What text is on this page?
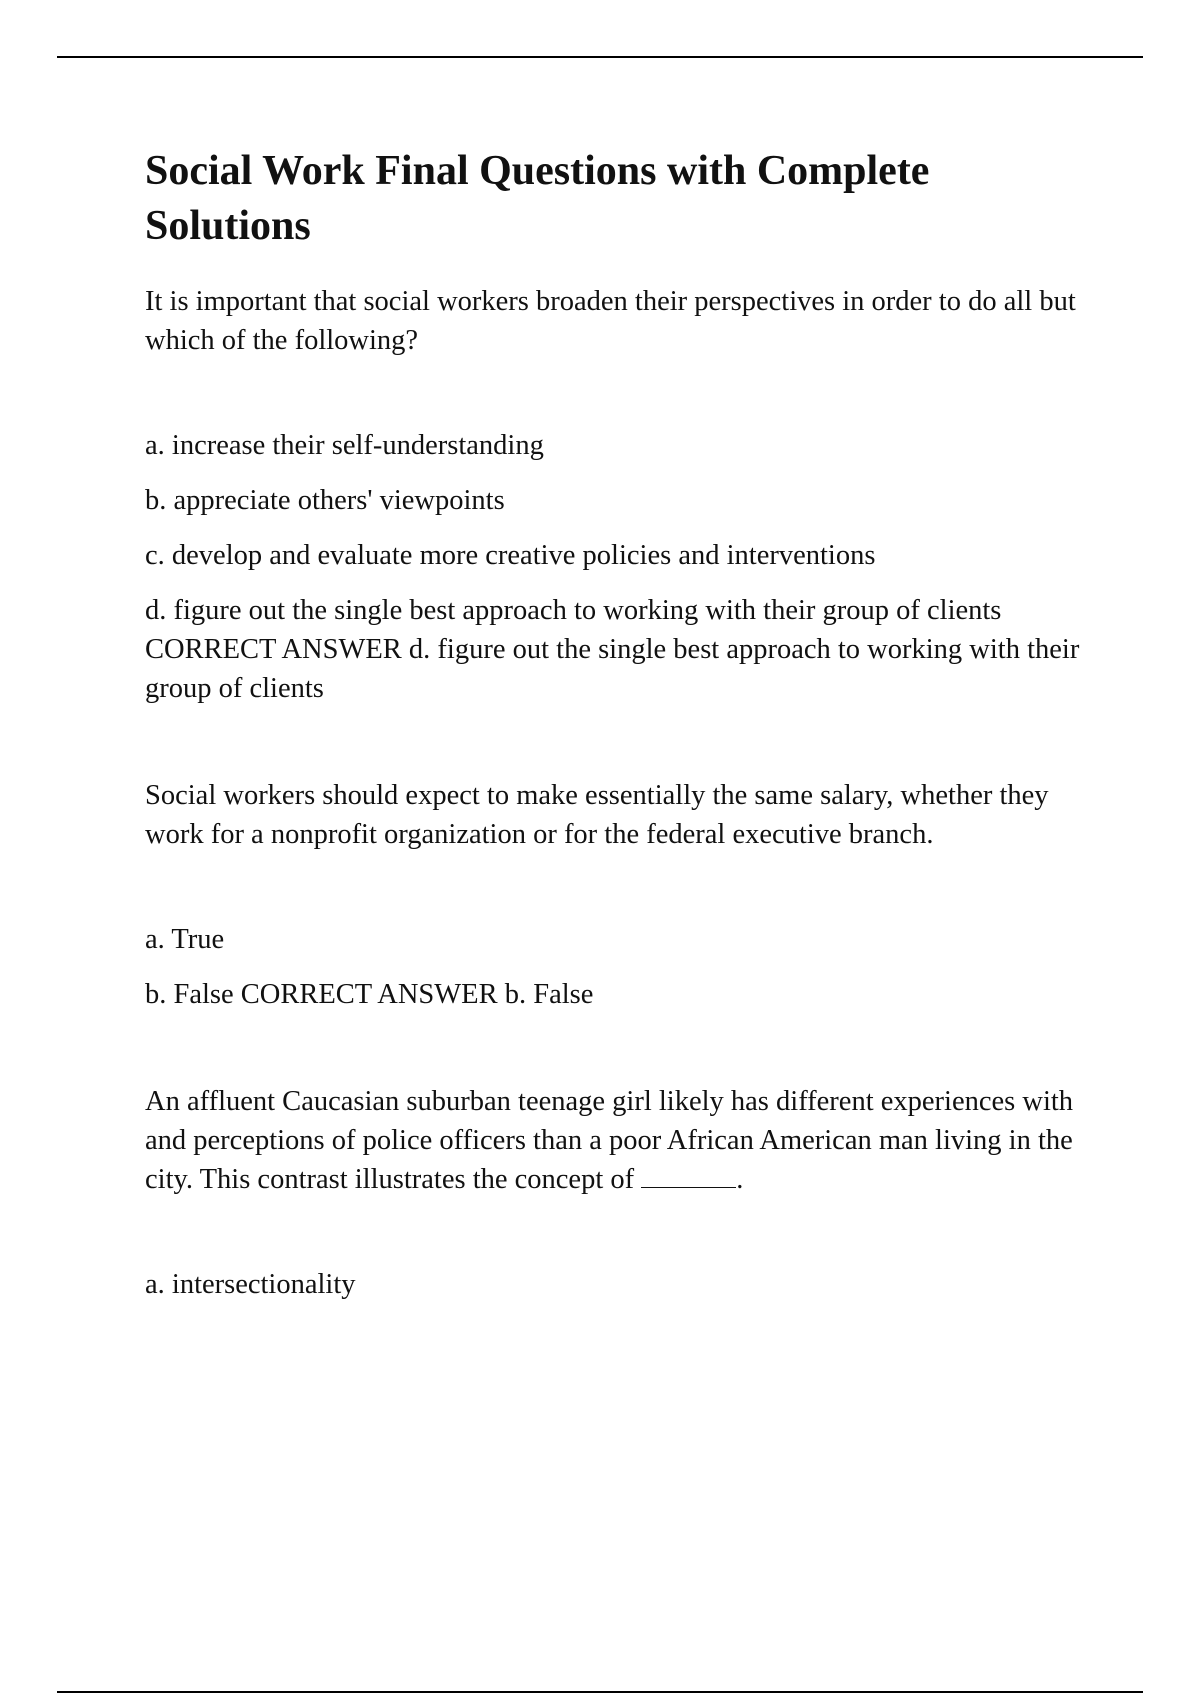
Social Work Final Questions with Complete Solutions

It is important that social workers broaden their perspectives in order to do all but which of the following?

a. increase their self-understanding

b. appreciate others' viewpoints

c. develop and evaluate more creative policies and interventions

d. figure out the single best approach to working with their group of clients CORRECT ANSWER d. figure out the single best approach to working with their group of clients

Social workers should expect to make essentially the same salary, whether they work for a nonprofit organization or for the federal executive branch.

a. True

b. False CORRECT ANSWER b. False

An affluent Caucasian suburban teenage girl likely has different experiences with and perceptions of police officers than a poor African American man living in the city. This contrast illustrates the concept of	.

a. intersectionality
